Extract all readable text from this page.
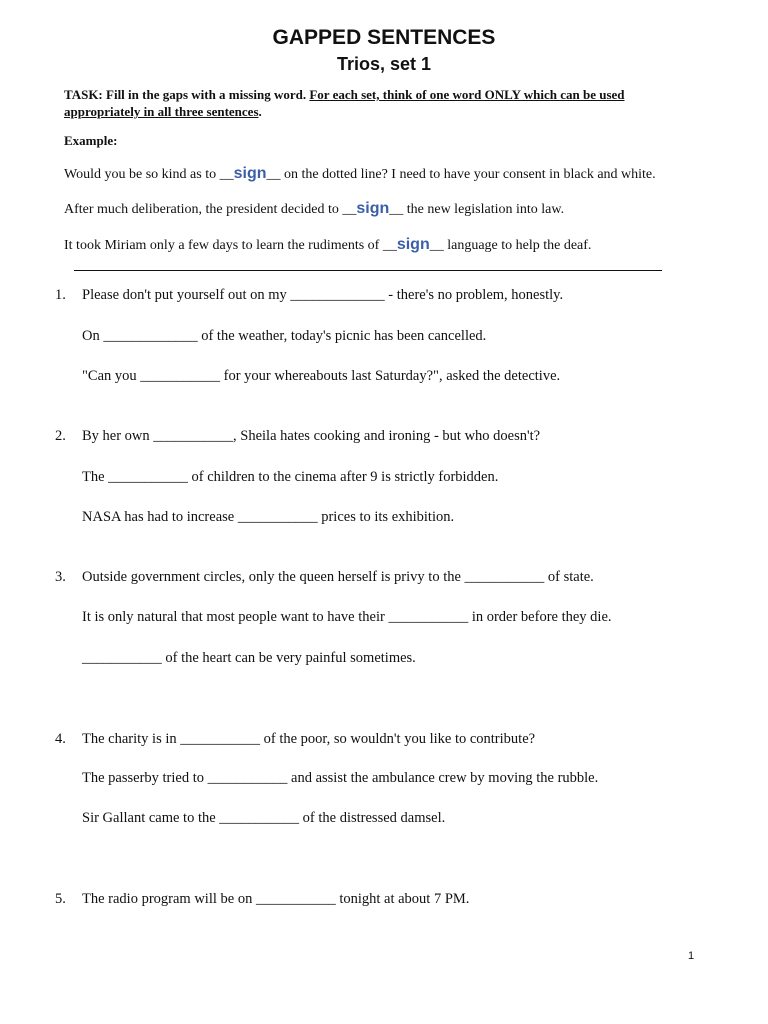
GAPPED SENTENCES
Trios, set 1
TASK: Fill in the gaps with a missing word. For each set, think of one word ONLY which can be used appropriately in all three sentences.
Example:
Would you be so kind as to __sign__ on the dotted line? I need to have your consent in black and white.
After much deliberation, the president decided to __sign__ the new legislation into law.
It took Miriam only a few days to learn the rudiments of __sign__ language to help the deaf.
1. Please don't put yourself out on my _____________ - there's no problem, honestly.
On _____________ of the weather, today's picnic has been cancelled.
"Can you ___________ for your whereabouts last Saturday?", asked the detective.
2. By her own ___________, Sheila hates cooking and ironing - but who doesn't?
The ___________ of children to the cinema after 9 is strictly forbidden.
NASA has had to increase ___________ prices to its exhibition.
3. Outside government circles, only the queen herself is privy to the ___________ of state.
It is only natural that most people want to have their ___________ in order before they die.
___________ of the heart can be very painful sometimes.
4. The charity is in ___________ of the poor, so wouldn't you like to contribute?
The passerby tried to ___________ and assist the ambulance crew by moving the rubble.
Sir Gallant came to the ___________ of the distressed damsel.
5. The radio program will be on ___________ tonight at about 7 PM.
1
